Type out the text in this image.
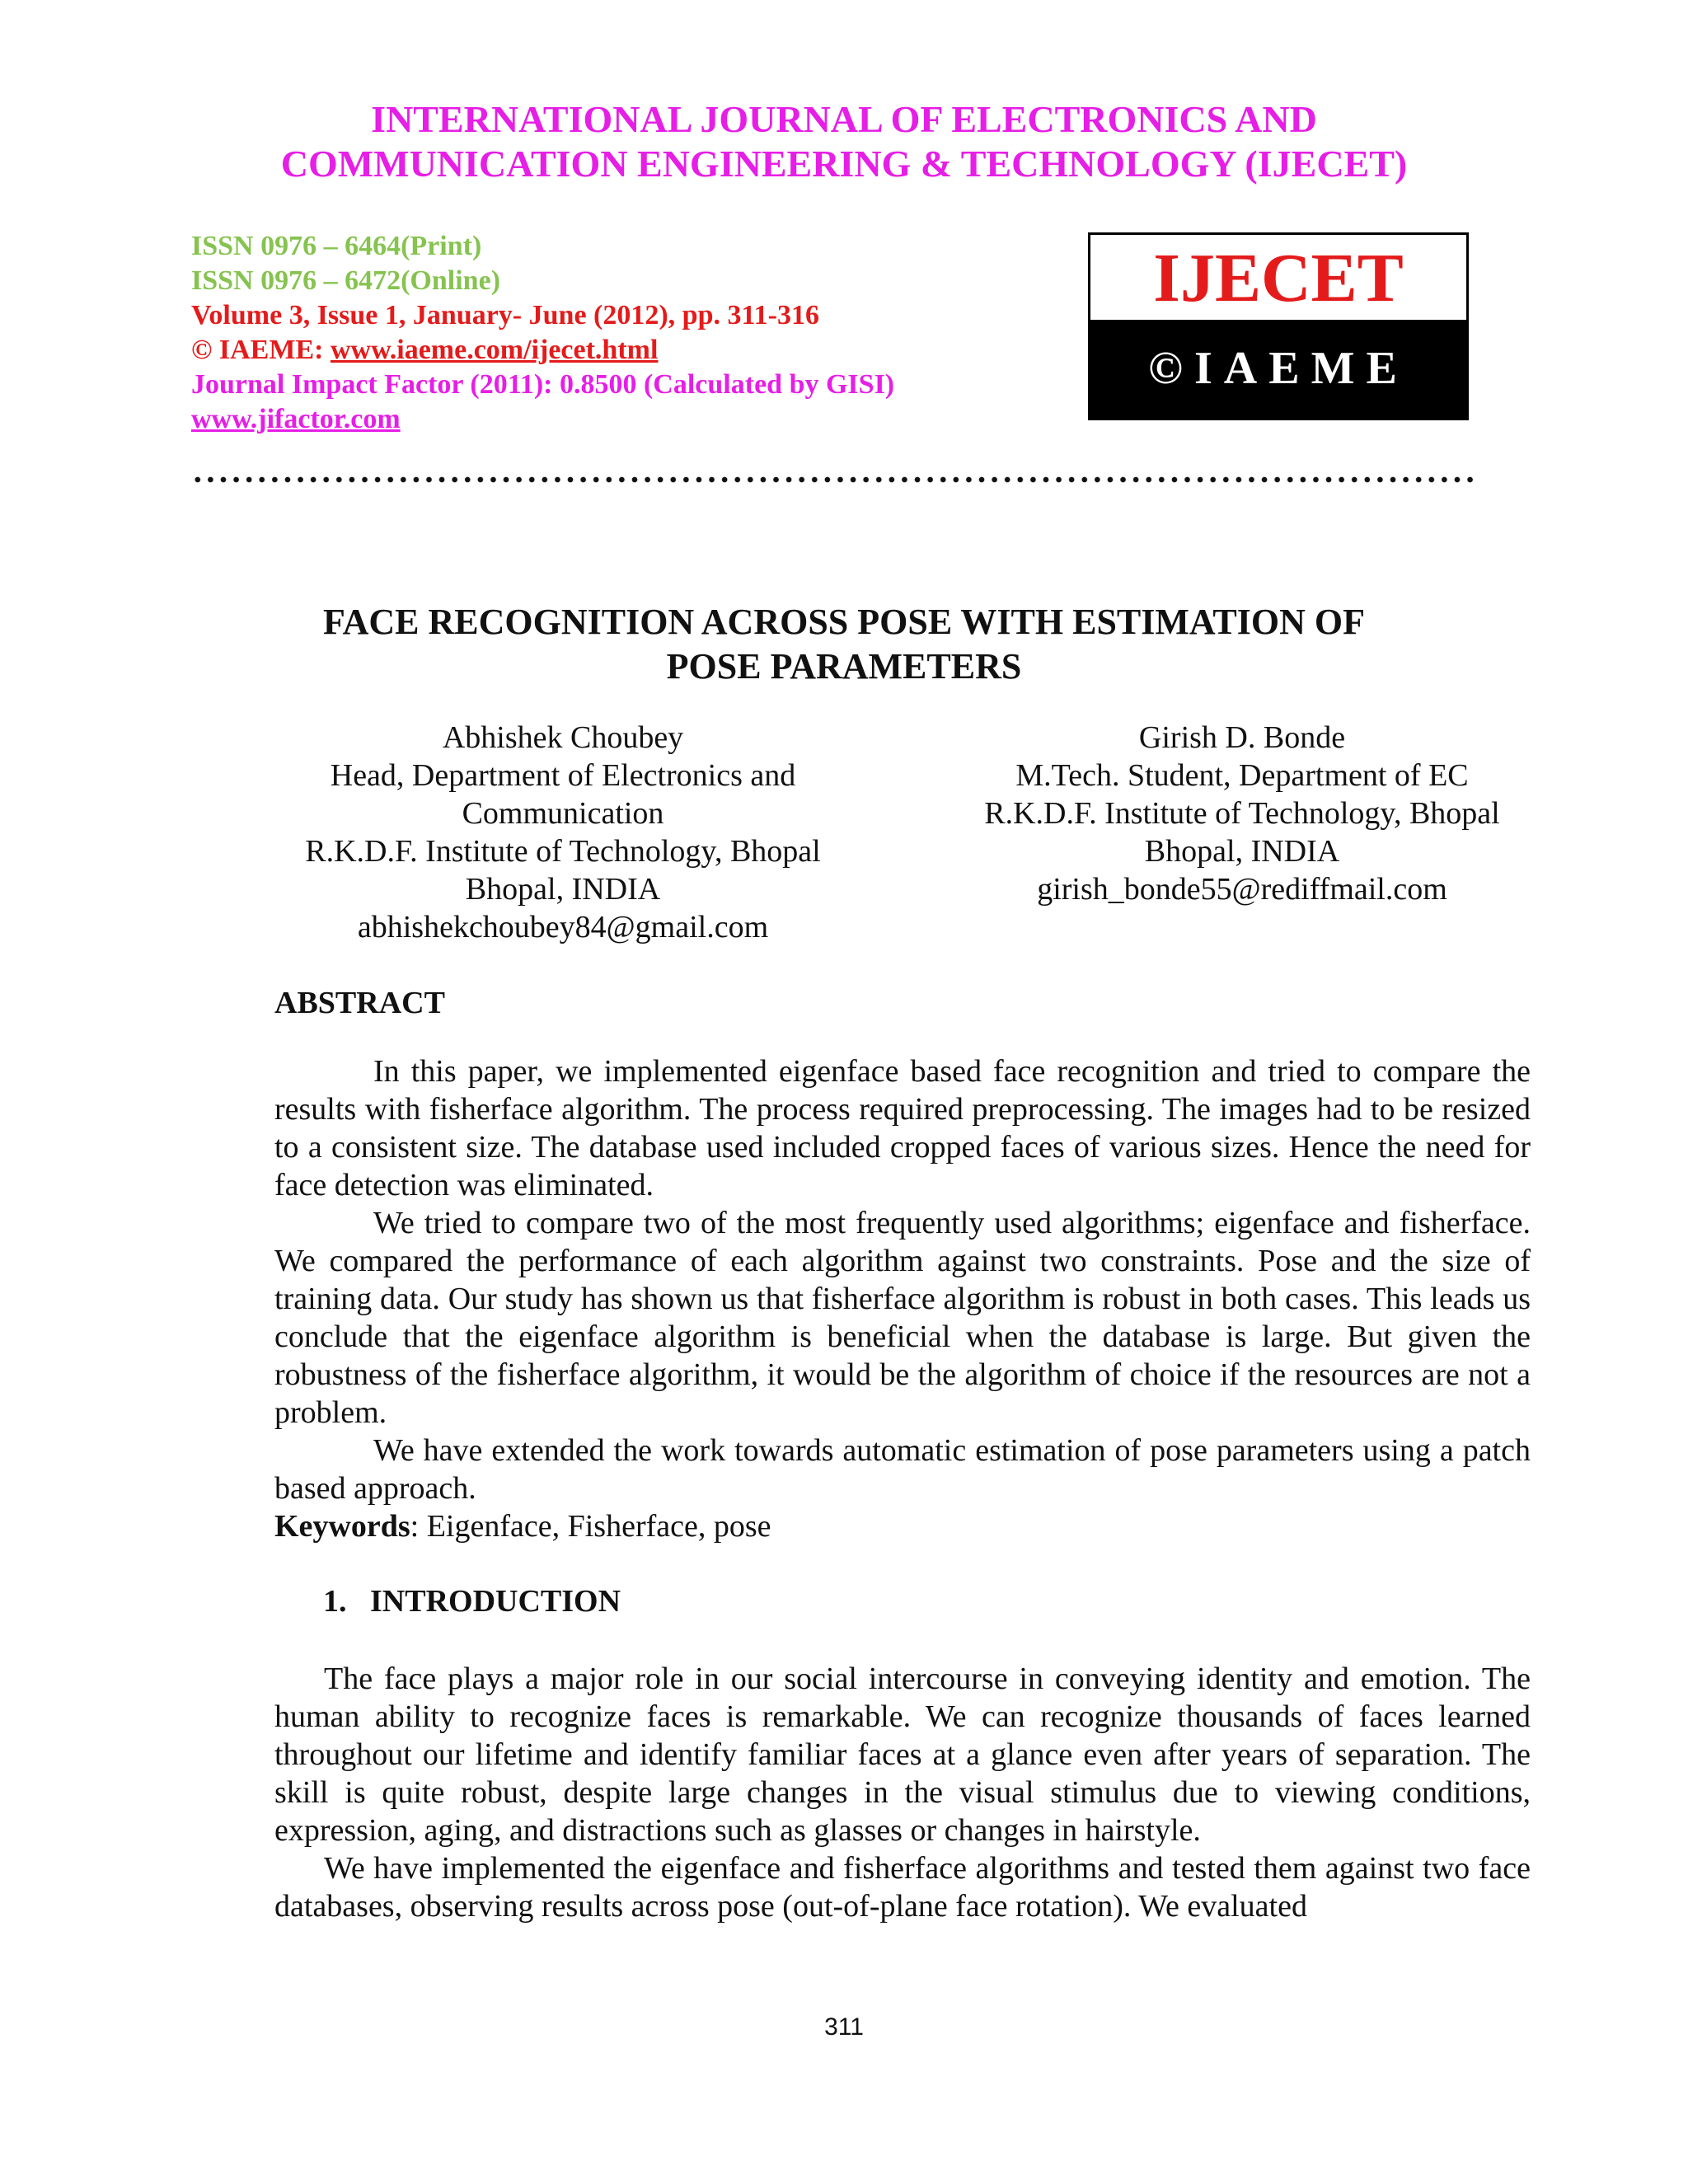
INTERNATIONAL JOURNAL OF ELECTRONICS AND
COMMUNICATION ENGINEERING & TECHNOLOGY (IJECET)
ISSN 0976 – 6464(Print)
ISSN 0976 – 6472(Online)
Volume 3, Issue 1, January- June (2012), pp. 311-316
© IAEME: www.iaeme.com/ijecet.html
Journal Impact Factor (2011): 0.8500 (Calculated by GISI)
www.jifactor.com
IJECET
©IAEME
FACE RECOGNITION ACROSS POSE WITH ESTIMATION OF
POSE PARAMETERS
Abhishek Choubey
Head, Department of Electronics and
Communication
R.K.D.F. Institute of Technology, Bhopal
Bhopal, INDIA
abhishekchoubey84@gmail.com
Girish D. Bonde
M.Tech. Student, Department of EC
R.K.D.F. Institute of Technology, Bhopal
Bhopal, INDIA
girish_bonde55@rediffmail.com
ABSTRACT

In this paper, we implemented eigenface based face recognition and tried to compare the results with fisherface algorithm. The process required preprocessing. The images had to be resized to a consistent size. The database used included cropped faces of various sizes. Hence the need for face detection was eliminated.

We tried to compare two of the most frequently used algorithms; eigenface and fisherface. We compared the performance of each algorithm against two constraints. Pose and the size of training data. Our study has shown us that fisherface algorithm is robust in both cases. This leads us conclude that the eigenface algorithm is beneficial when the database is large. But given the robustness of the fisherface algorithm, it would be the algorithm of choice if the resources are not a problem.

We have extended the work towards automatic estimation of pose parameters using a patch based approach.

Keywords: Eigenface, Fisherface, pose
1.   INTRODUCTION

The face plays a major role in our social intercourse in conveying identity and emotion. The human ability to recognize faces is remarkable. We can recognize thousands of faces learned throughout our lifetime and identify familiar faces at a glance even after years of separation. The skill is quite robust, despite large changes in the visual stimulus due to viewing conditions, expression, aging, and distractions such as glasses or changes in hairstyle.

We have implemented the eigenface and fisherface algorithms and tested them against two face databases, observing results across pose (out-of-plane face rotation). We evaluated

311
